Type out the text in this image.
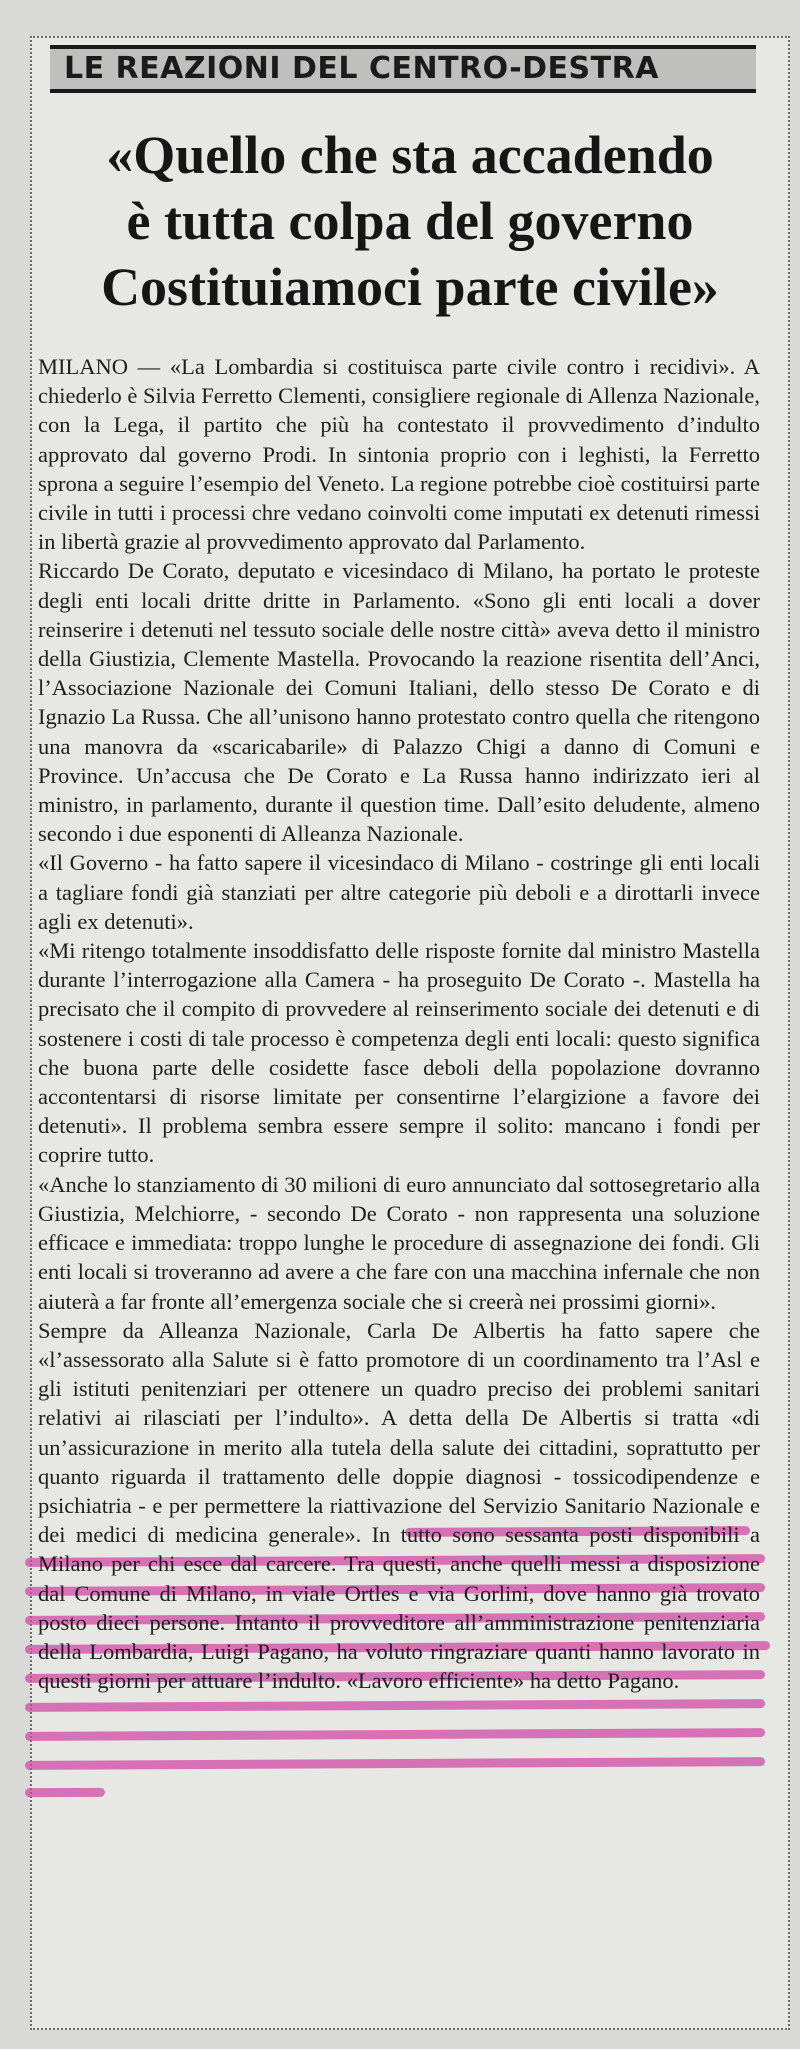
LE REAZIONI DEL CENTRO-DESTRA
«Quello che sta accadendo
è tutta colpa del governo
Costituiamoci parte civile»

MILANO — «La Lombardia si costituisca parte civile contro i recidivi». A chiederlo è Silvia Ferretto Clementi, consigliere regionale di Allenza Nazionale, con la Lega, il partito che più ha contestato il provvedimento d’indulto approvato dal governo Prodi. In sintonia proprio con i leghisti, la Ferretto sprona a seguire l’esempio del Veneto. La regione potrebbe cioè costituirsi parte civile in tutti i processi chre vedano coinvolti come imputati ex detenuti rimessi in libertà grazie al provvedimento approvato dal Parlamento.

Riccardo De Corato, deputato e vicesindaco di Milano, ha portato le proteste degli enti locali dritte dritte in Parlamento. «Sono gli enti locali a dover reinserire i detenuti nel tessuto sociale delle nostre città» aveva detto il ministro della Giustizia, Clemente Mastella. Provocando la reazione risentita dell’Anci, l’Associazione Nazionale dei Comuni Italiani, dello stesso De Corato e di Ignazio La Russa. Che all’unisono hanno protestato contro quella che ritengono una manovra da «scaricabarile» di Palazzo Chigi a danno di Comuni e Province. Un’accusa che De Corato e La Russa hanno indirizzato ieri al ministro, in parlamento, durante il question time. Dall’esito deludente, almeno secondo i due esponenti di Alleanza Nazionale.

«Il Governo - ha fatto sapere il vicesindaco di Milano - costringe gli enti locali a tagliare fondi già stanziati per altre categorie più deboli e a dirottarli invece agli ex detenuti».

«Mi ritengo totalmente insoddisfatto delle risposte fornite dal ministro Mastella durante l’interrogazione alla Camera - ha proseguito De Corato -. Mastella ha precisato che il compito di provvedere al reinserimento sociale dei detenuti e di sostenere i costi di tale processo è competenza degli enti locali: questo significa che buona parte delle cosidette fasce deboli della popolazione dovranno accontentarsi di risorse limitate per consentirne l’elargizione a favore dei detenuti». Il problema sembra essere sempre il solito: mancano i fondi per coprire tutto.

«Anche lo stanziamento di 30 milioni di euro annunciato dal sottosegretario alla Giustizia, Melchiorre, - secondo De Corato - non rappresenta una soluzione efficace e immediata: troppo lunghe le procedure di assegnazione dei fondi. Gli enti locali si troveranno ad avere a che fare con una macchina infernale che non aiuterà a far fronte all’emergenza sociale che si creerà nei prossimi giorni».

Sempre da Alleanza Nazionale, Carla De Albertis ha fatto sapere che «l’assessorato alla Salute si è fatto promotore di un coordinamento tra l’Asl e gli istituti penitenziari per ottenere un quadro preciso dei problemi sanitari relativi ai rilasciati per l’indulto». A detta della De Albertis si tratta «di un’assicurazione in merito alla tutela della salute dei cittadini, soprattutto per quanto riguarda il trattamento delle doppie diagnosi - tossicodipendenze e psichiatria - e per permettere la riattivazione del Servizio Sanitario Nazionale e dei medici di medicina generale». In tutto sono sessanta posti disponibili a Milano per chi esce dal carcere. Tra questi, anche quelli messi a disposizione dal Comune di Milano, in viale Ortles e via Gorlini, dove hanno già trovato posto dieci persone. Intanto il provveditore all’amministrazione penitenziaria della Lombardia, Luigi Pagano, ha voluto ringraziare quanti hanno lavorato in questi giorni per attuare l’indulto. «Lavoro efficiente» ha detto Pagano.
